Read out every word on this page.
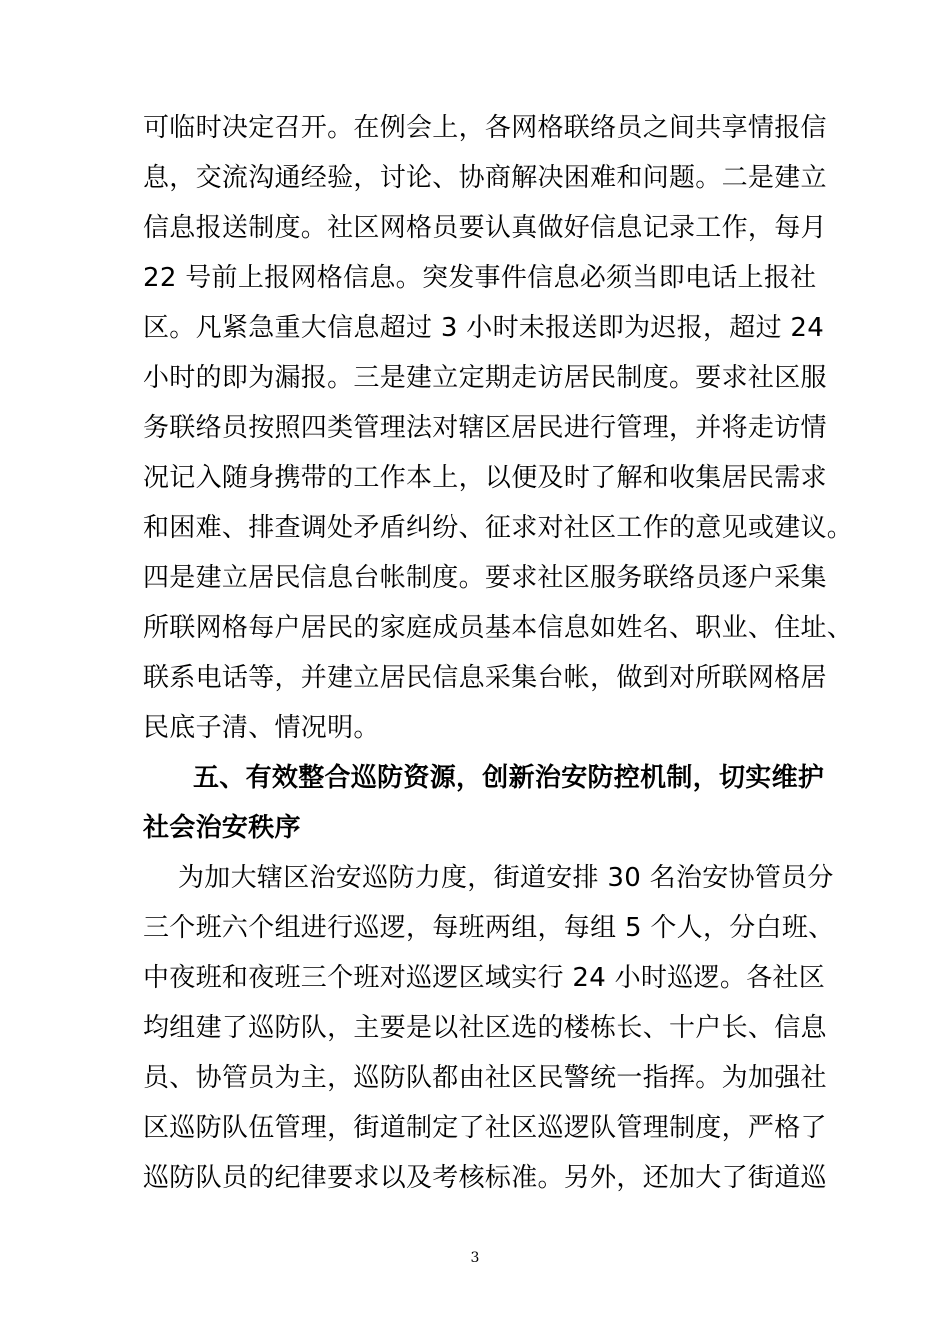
可临时决定召开。在例会上，各网格联络员之间共享情报信
息，交流沟通经验，讨论、协商解决困难和问题。二是建立
信息报送制度。社区网格员要认真做好信息记录工作，每月
22 号前上报网格信息。突发事件信息必须当即电话上报社
区。凡紧急重大信息超过 3 小时未报送即为迟报，超过 24
小时的即为漏报。三是建立定期走访居民制度。要求社区服
务联络员按照四类管理法对辖区居民进行管理，并将走访情
况记入随身携带的工作本上，以便及时了解和收集居民需求
和困难、排查调处矛盾纠纷、征求对社区工作的意见或建议。
四是建立居民信息台帐制度。要求社区服务联络员逐户采集
所联网格每户居民的家庭成员基本信息如姓名、职业、住址、
联系电话等，并建立居民信息采集台帐，做到对所联网格居
民底子清、情况明。
五、有效整合巡防资源，创新治安防控机制，切实维护
社会治安秩序
为加大辖区治安巡防力度，街道安排 30 名治安协管员分
三个班六个组进行巡逻，每班两组，每组 5 个人，分白班、
中夜班和夜班三个班对巡逻区域实行 24 小时巡逻。各社区
均组建了巡防队，主要是以社区选的楼栋长、十户长、信息
员、协管员为主，巡防队都由社区民警统一指挥。为加强社
区巡防队伍管理，街道制定了社区巡逻队管理制度，严格了
巡防队员的纪律要求以及考核标准。另外，还加大了街道巡
3
